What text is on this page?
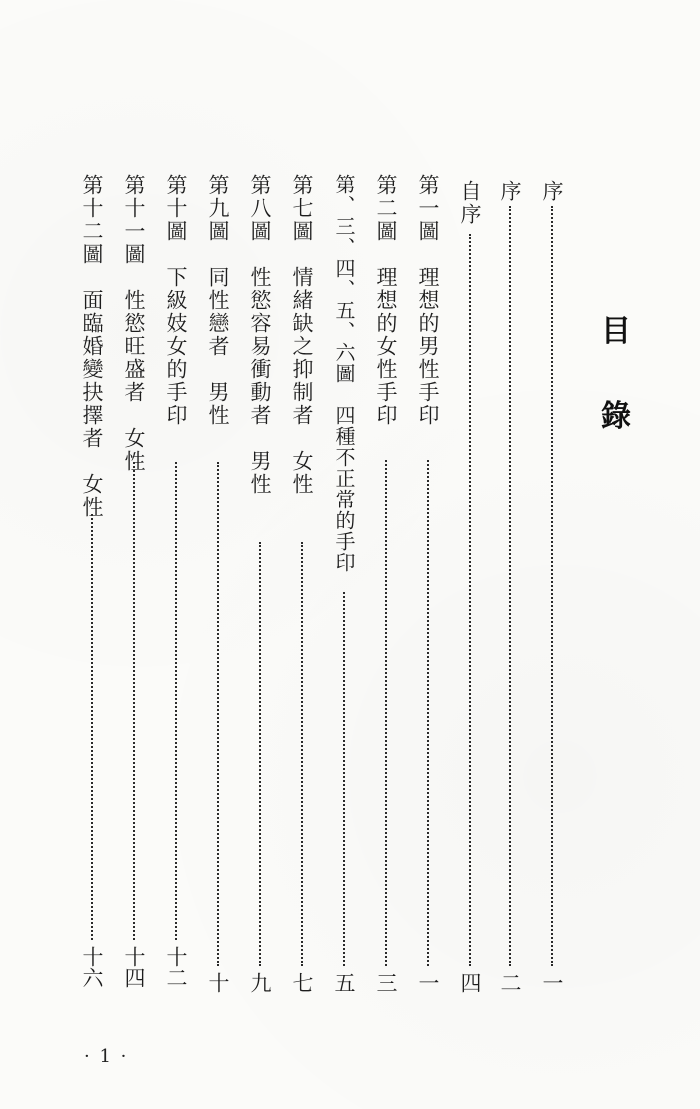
目
錄
序
一
序
二
自序
四
第一圖　理想的男性手印
一
第二圖　理想的女性手印
三
第、三、四、五、六圖　四種不正常的手印
五
第七圖　情緒缺之抑制者　女性
七
第八圖　性慾容易衝動者　男性
九
第九圖　同性戀者　男性
十
第十圖　下級妓女的手印
十二
第十一圖　性慾旺盛者　女性
十四
第十二圖　面臨婚變抉擇者　女性
十六
· 1 ·
